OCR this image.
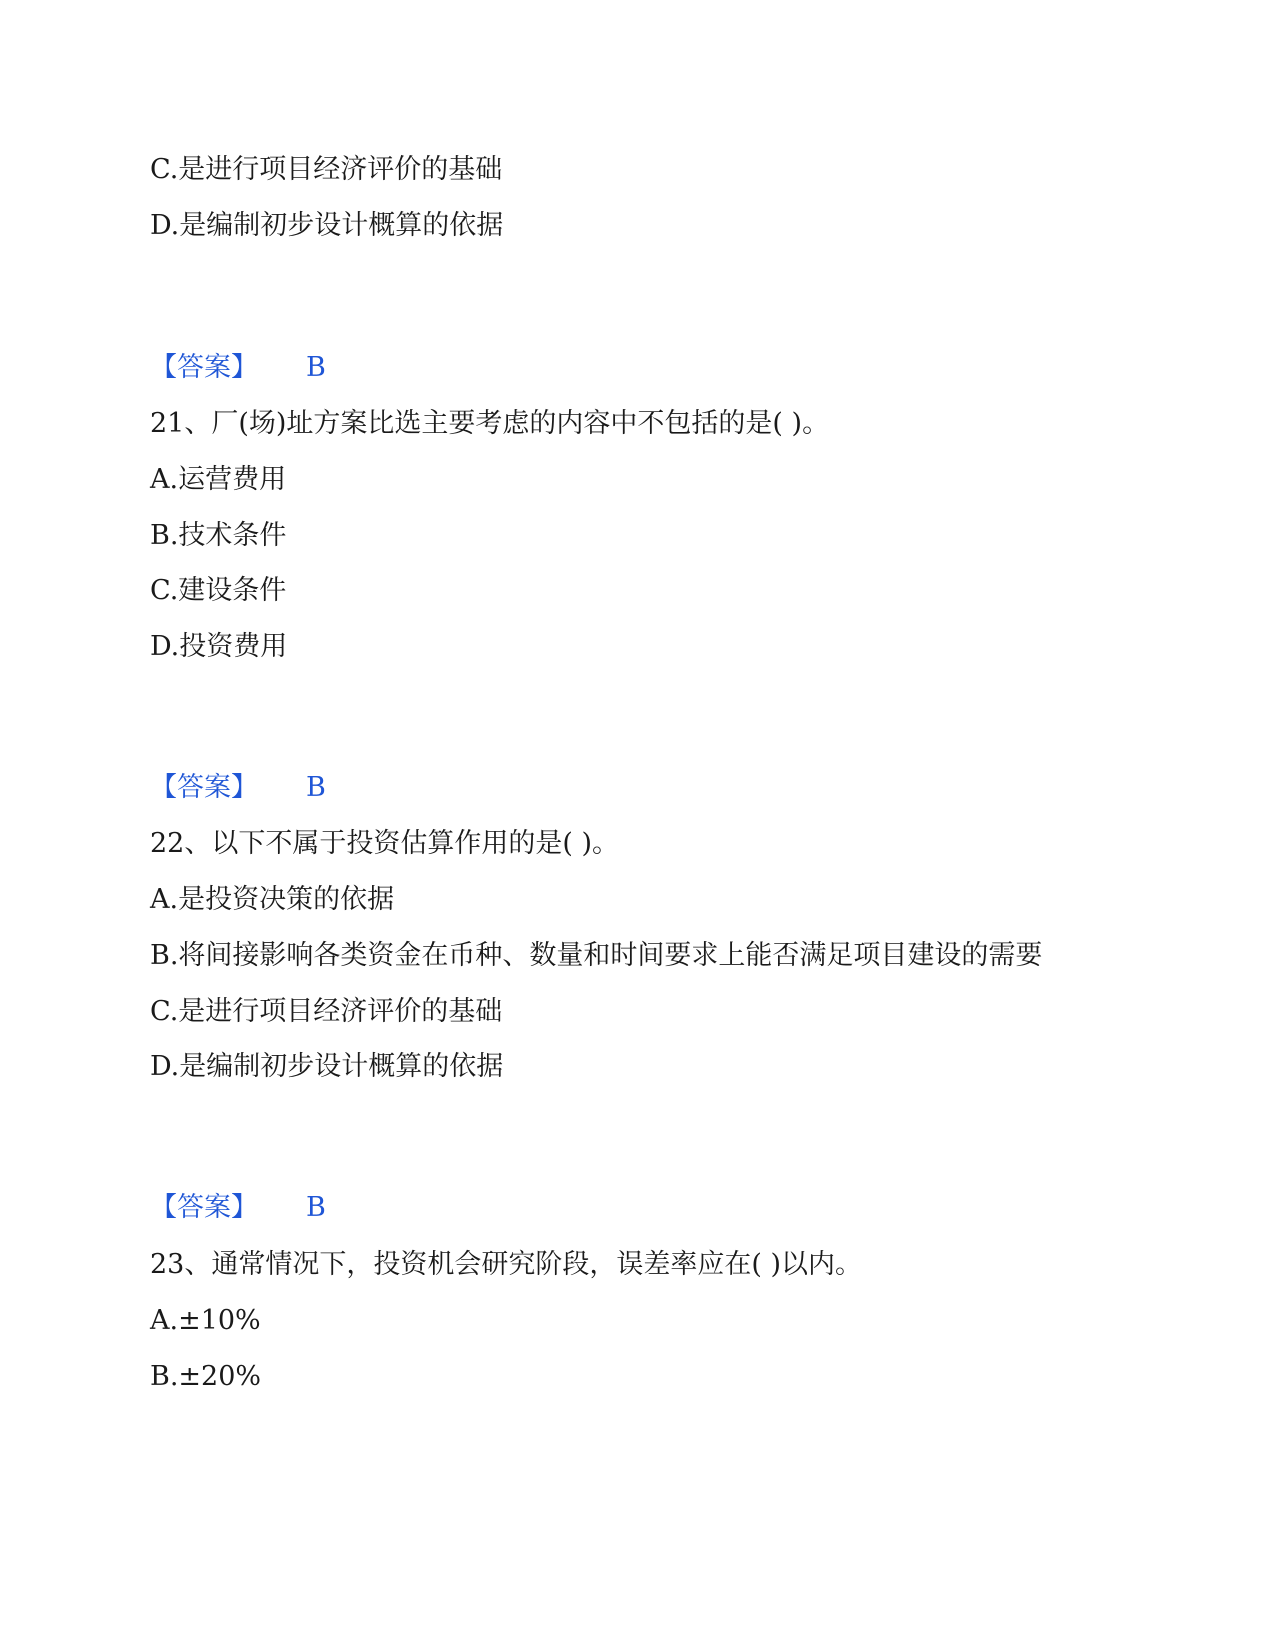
C.是进行项目经济评价的基础
D.是编制初步设计概算的依据
【答案】 B
21、厂(场)址方案比选主要考虑的内容中不包括的是( )。
A.运营费用
B.技术条件
C.建设条件
D.投资费用
【答案】 B
22、以下不属于投资估算作用的是( )。
A.是投资决策的依据
B.将间接影响各类资金在币种、数量和时间要求上能否满足项目建设的需要
C.是进行项目经济评价的基础
D.是编制初步设计概算的依据
【答案】 B
23、通常情况下，投资机会研究阶段，误差率应在( )以内。
A.±10%
B.±20%
